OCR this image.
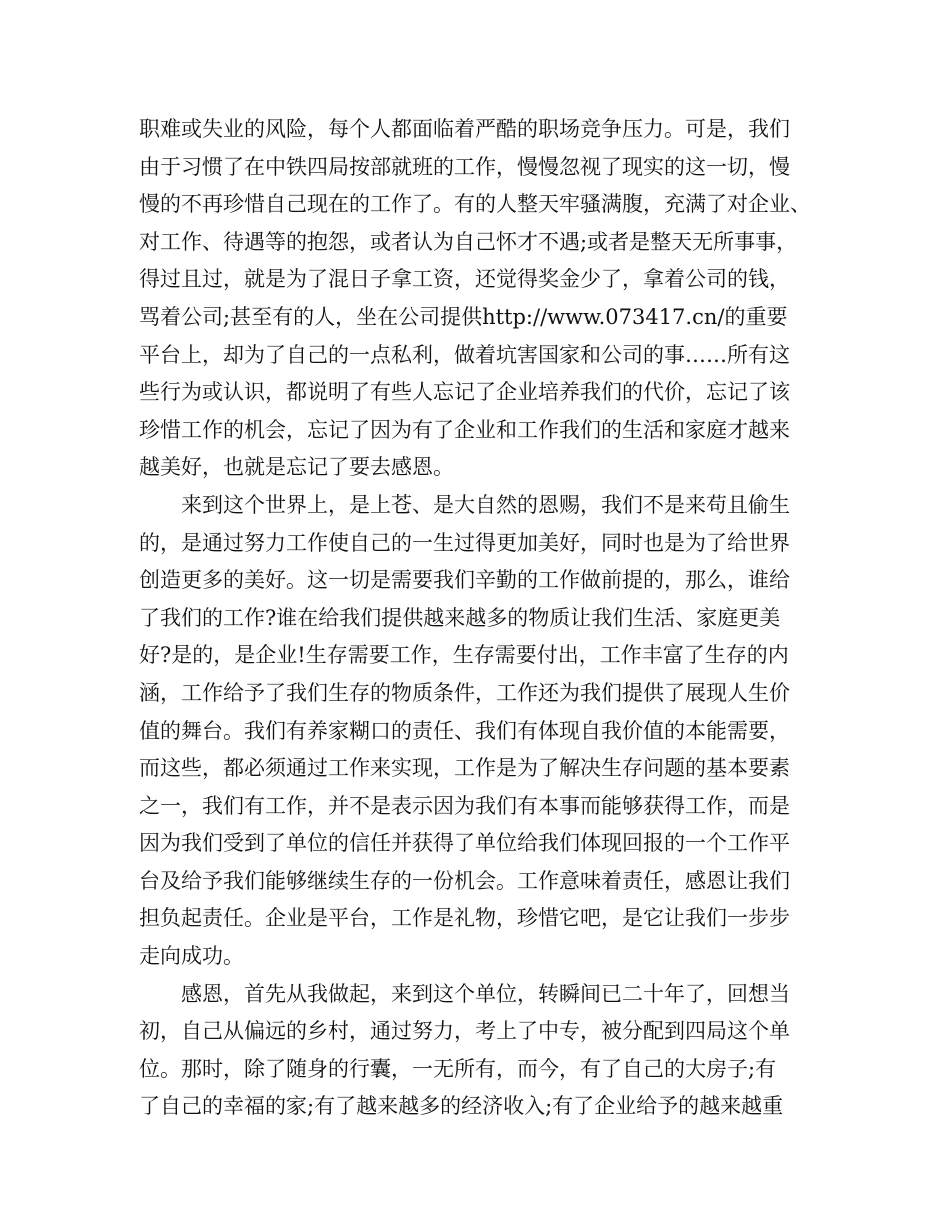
职难或失业的风险，每个人都面临着严酷的职场竞争压力。可是，我们
由于习惯了在中铁四局按部就班的工作，慢慢忽视了现实的这一切，慢
慢的不再珍惜自己现在的工作了。有的人整天牢骚满腹，充满了对企业、
对工作、待遇等的抱怨，或者认为自己怀才不遇;或者是整天无所事事，
得过且过，就是为了混日子拿工资，还觉得奖金少了，拿着公司的钱，
骂着公司;甚至有的人，坐在公司提供http://www.073417.cn/的重要
平台上，却为了自己的一点私利，做着坑害国家和公司的事……所有这
些行为或认识，都说明了有些人忘记了企业培养我们的代价，忘记了该
珍惜工作的机会，忘记了因为有了企业和工作我们的生活和家庭才越来
越美好，也就是忘记了要去感恩。
来到这个世界上，是上苍、是大自然的恩赐，我们不是来苟且偷生
的，是通过努力工作使自己的一生过得更加美好，同时也是为了给世界
创造更多的美好。这一切是需要我们辛勤的工作做前提的，那么，谁给
了我们的工作?谁在给我们提供越来越多的物质让我们生活、家庭更美
好?是的，是企业!生存需要工作，生存需要付出，工作丰富了生存的内
涵，工作给予了我们生存的物质条件，工作还为我们提供了展现人生价
值的舞台。我们有养家糊口的责任、我们有体现自我价值的本能需要，
而这些，都必须通过工作来实现，工作是为了解决生存问题的基本要素
之一，我们有工作，并不是表示因为我们有本事而能够获得工作，而是
因为我们受到了单位的信任并获得了单位给我们体现回报的一个工作平
台及给予我们能够继续生存的一份机会。工作意味着责任，感恩让我们
担负起责任。企业是平台，工作是礼物，珍惜它吧，是它让我们一步步
走向成功。
感恩，首先从我做起，来到这个单位，转瞬间已二十年了，回想当
初，自己从偏远的乡村，通过努力，考上了中专，被分配到四局这个单
位。那时，除了随身的行囊，一无所有，而今，有了自己的大房子;有
了自己的幸福的家;有了越来越多的经济收入;有了企业给予的越来越重
